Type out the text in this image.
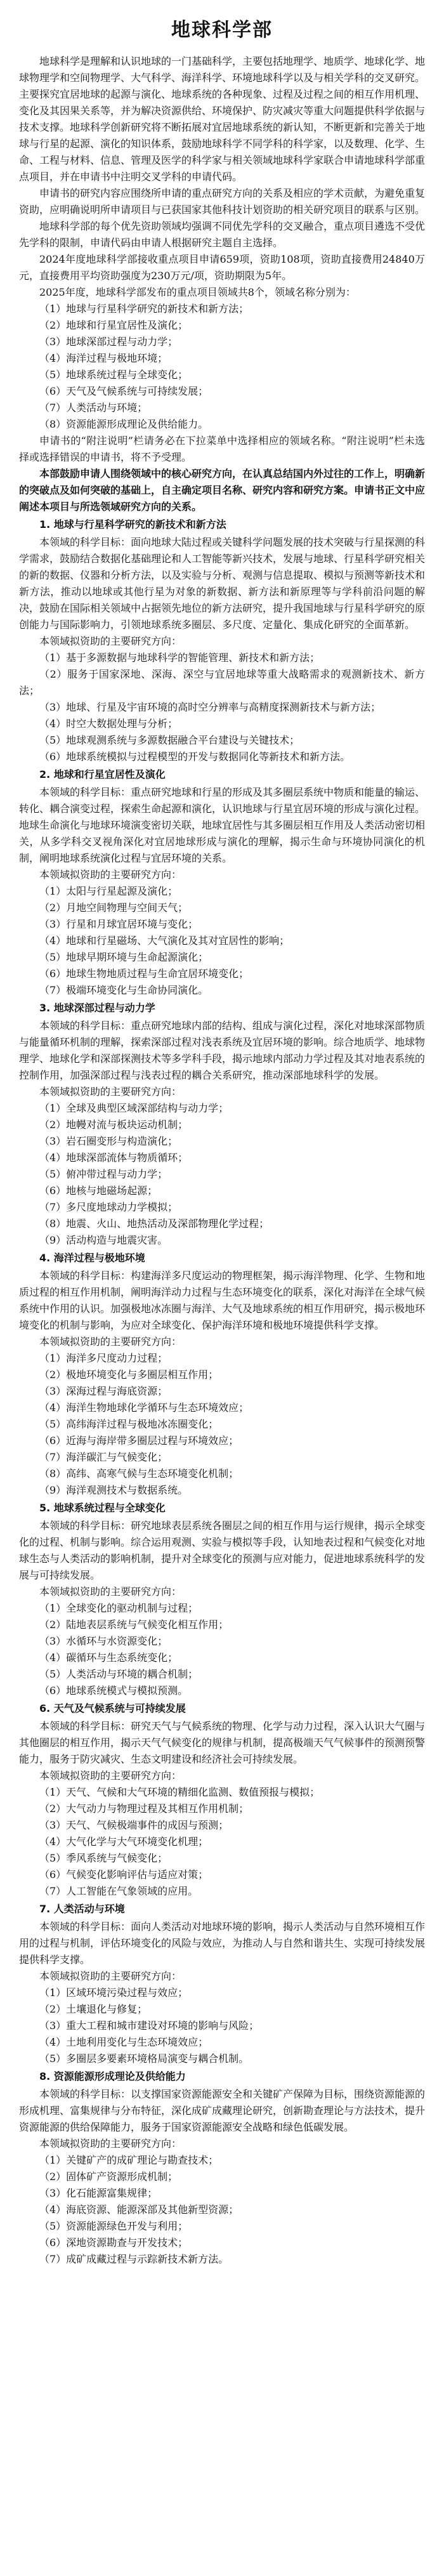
地球科学部

地球科学是理解和认识地球的一门基础科学，主要包括地理学、地质学、地球化学、地球物理学和空间物理学、大气科学、海洋科学、环境地球科学以及与相关学科的交叉研究。主要探究宜居地球的起源与演化、地球系统的各种现象、过程及过程之间的相互作用机理、变化及其因果关系等，并为解决资源供给、环境保护、防灾减灾等重大问题提供科学依据与技术支撑。地球科学创新研究将不断拓展对宜居地球系统的新认知，不断更新和完善关于地球与行星的起源、演化的知识体系，鼓励地球科学不同学科的科学家，以及数理、化学、生命、工程与材料、信息、管理及医学的科学家与相关领域地球科学家联合申请地球科学部重点项目，并在申请书中注明交叉学科的申请代码。

申请书的研究内容应围绕所申请的重点研究方向的关系及相应的学术贡献，为避免重复资助，应明确说明所申请项目与已获国家其他科技计划资助的相关研究项目的联系与区别。

地球科学部的每个优先资助领域均强调不同优先学科的交叉融合，重点项目遴选不受优先学科的限制，申请代码由申请人根据研究主题自主选择。

2024年度地球科学部接收重点项目申请659项，资助108项，资助直接费用24840万元，直接费用平均资助强度为230万元/项，资助期限为5年。

2025年度，地球科学部发布的重点项目领域共8个，领域名称分别为：

（1）地球与行星科学研究的新技术和新方法；

（2）地球和行星宜居性及演化；

（3）地球深部过程与动力学；

（4）海洋过程与极地环境；

（5）地球系统过程与全球变化；

（6）天气及气候系统与可持续发展；

（7）人类活动与环境；

（8）资源能源形成理论及供给能力。

申请书的“附注说明”栏请务必在下拉菜单中选择相应的领域名称。“附注说明”栏未选择或选择错误的申请书，将不予受理。

本部鼓励申请人围绕领域中的核心研究方向，在认真总结国内外过往的工作上，明确新的突破点及如何突破的基础上，自主确定项目名称、研究内容和研究方案。申请书正文中应阐述本项目与所选领域研究方向的关系。

1. 地球与行星科学研究的新技术和新方法

本领域的科学目标：面向地球大陆过程或关键科学问题发展的技术突破与行星探测的科学需求，鼓励结合数据化基础理论和人工智能等新兴技术，发展与地球、行星科学研究相关的新的数据、仪器和分析方法，以及实验与分析、观测与信息提取、模拟与预测等新技术和新方法，推动以地球或其他行星为对象的新数据、新方法和新原理等与学科前沿问题的解决，鼓励在国际相关领域中占据领先地位的新方法研究，提升我国地球与行星科学研究的原创能力与国际影响力，引领地球系统多圈层、多尺度、定量化、集成化研究的全面革新。

本领域拟资助的主要研究方向：

（1）基于多源数据与地球科学的智能管理、新技术和新方法；

（2）服务于国家深地、深海、深空与宜居地球等重大战略需求的观测新技术、新方法；

（3）地球、行星及宇宙环境的高时空分辨率与高精度探测新技术与新方法；

（4）时空大数据处理与分析；

（5）地球观测系统与多源数据融合平台建设与关键技术；

（6）地球系统模拟与过程模型的开发与数据同化等新技术和新方法。

2. 地球和行星宜居性及演化

本领域的科学目标：重点研究地球和行星的形成及其多圈层系统中物质和能量的输运、转化、耦合演变过程，探索生命起源和演化，认识地球与行星宜居环境的形成与演化过程。地球生命演化与地球环境演变密切关联，地球宜居性与其多圈层相互作用及人类活动密切相关，从多学科交叉视角深化对宜居地球形成与演化的理解，揭示生命与环境协同演化的机制，阐明地球系统演化过程与宜居环境的关系。

本领域拟资助的主要研究方向：

（1）太阳与行星起源及演化；

（2）月地空间物理与空间天气；

（3）行星和月球宜居环境与变化；

（4）地球和行星磁场、大气演化及其对宜居性的影响；

（5）地球早期环境与生命起源演化；

（6）地球生物地质过程与生命宜居环境变化；

（7）极端环境变化与生命协同演化。

3. 地球深部过程与动力学

本领域的科学目标：重点研究地球内部的结构、组成与演化过程，深化对地球深部物质与能量循环机制的理解，探索深部过程对浅表系统及宜居环境的影响。综合地质学、地球物理学、地球化学和深部探测技术等多学科手段，揭示地球内部动力学过程及其对地表系统的控制作用，加强深部过程与浅表过程的耦合关系研究，推动深部地球科学的发展。

本领域拟资助的主要研究方向：

（1）全球及典型区域深部结构与动力学；

（2）地幔对流与板块运动机制；

（3）岩石圈变形与构造演化；

（4）地球深部流体与物质循环；

（5）俯冲带过程与动力学；

（6）地核与地磁场起源；

（7）多尺度地球动力学模拟；

（8）地震、火山、地热活动及深部物理化学过程；

（9）活动构造与地震灾害。

4. 海洋过程与极地环境

本领域的科学目标：构建海洋多尺度运动的物理框架，揭示海洋物理、化学、生物和地质过程的相互作用机制，阐明海洋动力过程与生态环境变化的联系，深化对海洋在全球气候系统中作用的认识。加强极地冰冻圈与海洋、大气及地球系统的相互作用研究，揭示极地环境变化的机制与影响，为应对全球变化、保护海洋环境和极地环境提供科学支撑。

本领域拟资助的主要研究方向：

（1）海洋多尺度动力过程；

（2）极地环境变化与多圈层相互作用；

（3）深海过程与海底资源；

（4）海洋生物地球化学循环与生态环境效应；

（5）高纬海洋过程与极地冰冻圈变化；

（6）近海与海岸带多圈层过程与环境效应；

（7）海洋碳汇与气候变化；

（8）高纬、高寒气候与生态环境变化机制；

（9）海洋观测技术与数据系统。

5. 地球系统过程与全球变化

本领域的科学目标：研究地球表层系统各圈层之间的相互作用与运行规律，揭示全球变化的过程、机制与影响。综合运用观测、实验与模拟等手段，认知地表过程和气候变化对地球生态与人类活动的影响机制，提升对全球变化的预测与应对能力，促进地球系统科学的发展与可持续发展。

本领域拟资助的主要研究方向：

（1）全球变化的驱动机制与过程；

（2）陆地表层系统与气候变化相互作用；

（3）水循环与水资源变化；

（4）碳循环与生态系统变化；

（5）人类活动与环境的耦合机制；

（6）地球系统模式与模拟预测。

6. 天气及气候系统与可持续发展

本领域的科学目标：研究天气与气候系统的物理、化学与动力过程，深入认识大气圈与其他圈层的相互作用，揭示天气气候变化的规律与机制，提高极端天气气候事件的预测预警能力，服务于防灾减灾、生态文明建设和经济社会可持续发展。

本领域拟资助的主要研究方向：

（1）天气、气候和大气环境的精细化监测、数值预报与模拟；

（2）大气动力与物理过程及其相互作用机制；

（3）天气、气候极端事件的成因与预测；

（4）大气化学与大气环境变化机理；

（5）季风系统与气候变化；

（6）气候变化影响评估与适应对策；

（7）人工智能在气象领域的应用。

7. 人类活动与环境

本领域的科学目标：面向人类活动对地球环境的影响，揭示人类活动与自然环境相互作用的过程与机制，评估环境变化的风险与效应，为推动人与自然和谐共生、实现可持续发展提供科学支撑。

本领域拟资助的主要研究方向：

（1）区域环境污染过程与效应；

（2）土壤退化与修复；

（3）重大工程和城市建设对环境的影响与风险；

（4）土地利用变化与生态环境效应；

（5）多圈层多要素环境格局演变与耦合机制。

8. 资源能源形成理论及供给能力

本领域的科学目标：以支撑国家资源能源安全和关键矿产保障为目标，围绕资源能源的形成机理、富集规律与分布特征，深化成矿成藏理论研究，创新勘查理论与方法技术，提升资源能源的供给保障能力，服务于国家资源能源安全战略和绿色低碳发展。

本领域拟资助的主要研究方向：

（1）关键矿产的成矿理论与勘查技术；

（2）固体矿产资源形成机制；

（3）化石能源富集规律；

（4）海底资源、能源深部及其他新型资源；

（5）资源能源绿色开发与利用；

（6）深地资源勘查与开发技术；

（7）成矿成藏过程与示踪新技术新方法。
